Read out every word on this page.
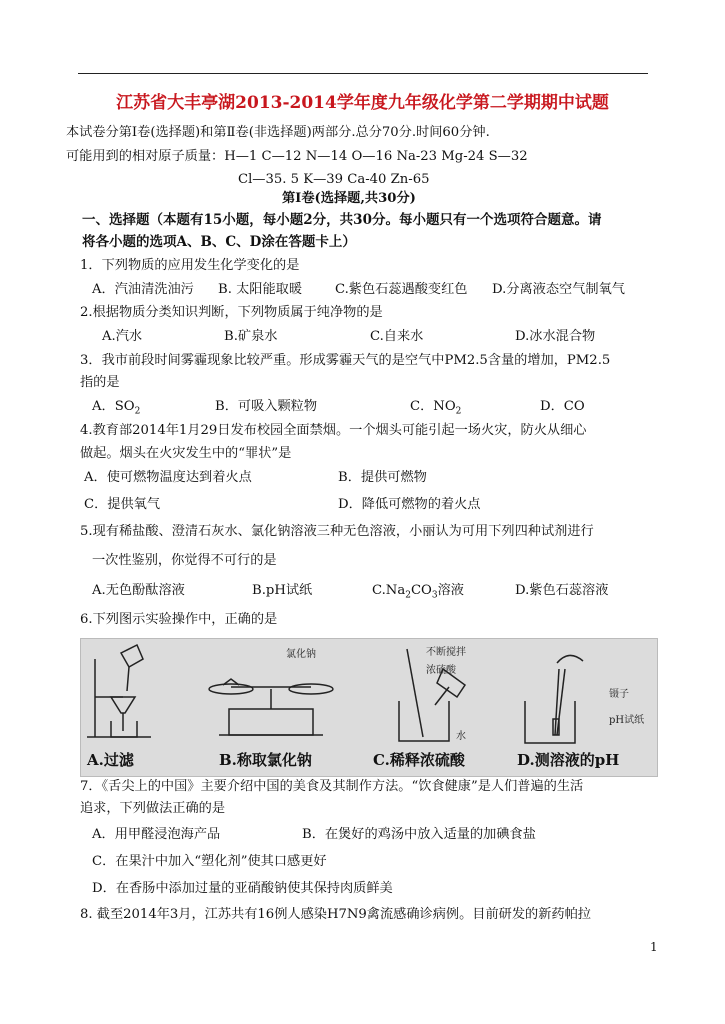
江苏省大丰亭湖2013-2014学年度九年级化学第二学期期中试题
本试卷分第Ⅰ卷(选择题)和第Ⅱ卷(非选择题)两部分.总分70分.时间60分钟.
可能用到的相对原子质量：H—1 C—12 N—14 O—16 Na-23 Mg-24 S—32
Cl—35. 5 K—39 Ca-40 Zn-65
第Ⅰ卷(选择题,共30分)
一、选择题（本题有15小题，每小题2分，共30分。每小题只有一个选项符合题意。请
将各小题的选项A、B、C、D涂在答题卡上）
1．下列物质的应用发生化学变化的是
A．汽油清洗油污 B. 太阳能取暖 C.紫色石蕊遇酸变红色 D.分离液态空气制氧气
2.根据物质分类知识判断，下列物质属于纯净物的是
A.汽水	B.矿泉水	C.自来水	D.冰水混合物
3．我市前段时间雾霾现象比较严重。形成雾霾天气的是空气中PM2.5含量的增加，PM2.5
指的是
A．$SO_2$	B．可吸入颗粒物	C．$NO_2$	D．CO
4.教育部2014年1月29日发布校园全面禁烟。一个烟头可能引起一场火灾，防火从细心
做起。烟头在火灾发生中的“罪状”是
A．使可燃物温度达到着火点	B．提供可燃物
C．提供氧气	D．降低可燃物的着火点
5.现有稀盐酸、澄清石灰水、氯化钠溶液三种无色溶液，小丽认为可用下列四种试剂进行
一次性鉴别，你觉得不可行的是
A.无色酚酞溶液	B.pH试纸	$C.Na_2CO_3$溶液	D.紫色石蕊溶液
6.下列图示实验操作中，正确的是
氯化钠	不断搅拌
浓硫酸
水
镊子
pH试纸
A.过滤	B.称取氯化钠	C.稀释浓硫酸	D.测溶液的pH
7．《舌尖上的中国》主要介绍中国的美食及其制作方法。“饮食健康”是人们普遍的生活
追求，下列做法正确的是
A．用甲醛浸泡海产品	B．在煲好的鸡汤中放入适量的加碘食盐
C．在果汁中加入“塑化剂”使其口感更好
D．在香肠中添加过量的亚硝酸钠使其保持肉质鲜美
8. 截至2014年3月，江苏共有16例人感染H7N9禽流感确诊病例。目前研发的新药帕拉
1
